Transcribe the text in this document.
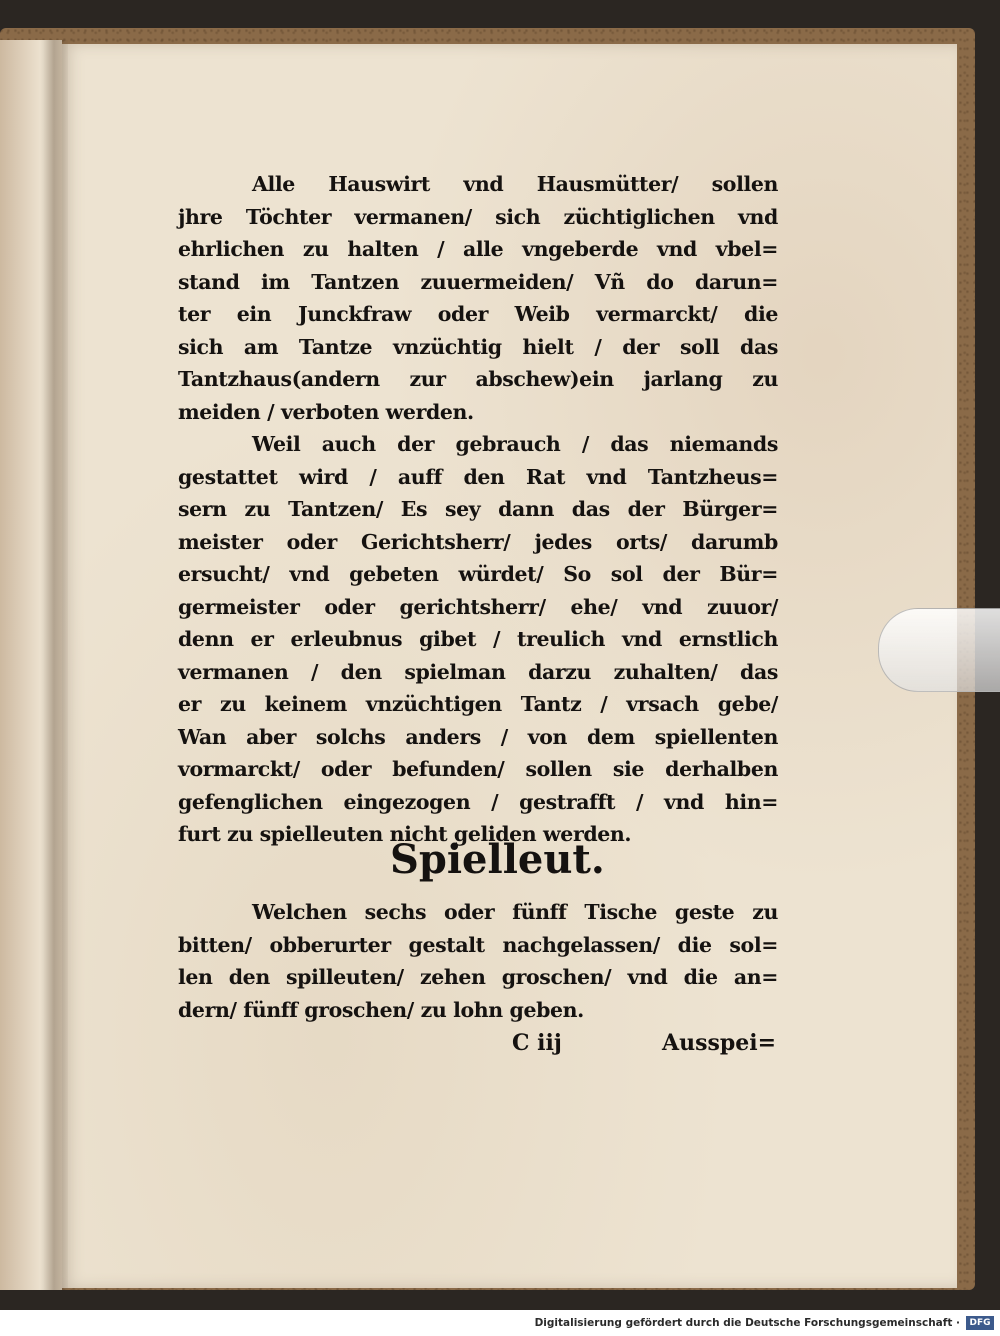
Alle Hauswirt vnd Hausmütter/ sollen
jhre Töchter vermanen/ sich züchtiglichen vnd
ehrlichen zu halten / alle vngeberde vnd vbel=
stand im Tantzen zuuermeiden/ Vñ do darun=
ter ein Junckfraw oder Weib vermarckt/ die
sich am Tantze vnzüchtig hielt / der soll das
Tantzhaus(andern zur abschew)ein jarlang zu
meiden / verboten werden.
Weil auch der gebrauch / das niemands
gestattet wird / auff den Rat vnd Tantzheus=
sern zu Tantzen/ Es sey dann das der Bürger=
meister oder Gerichtsherr/ jedes orts/ darumb
ersucht/ vnd gebeten würdet/ So sol der Bür=
germeister oder gerichtsherr/ ehe/ vnd zuuor/
denn er erleubnus gibet / treulich vnd ernstlich
vermanen / den spielman darzu zuhalten/ das
er zu keinem vnzüchtigen Tantz / vrsach gebe/
Wan aber solchs anders / von dem spiellenten
vormarckt/ oder befunden/ sollen sie derhalben
gefenglichen eingezogen / gestrafft / vnd hin=
furt zu spielleuten nicht geliden werden.
Spielleut.
Welchen sechs oder fünff Tische geste zu
bitten/ obberurter gestalt nachgelassen/ die sol=
len den spilleuten/ zehen groschen/ vnd die an=
dern/ fünff groschen/ zu lohn geben.
C iij	Ausspei=
Digitalisierung gefördert durch die Deutsche Forschungsgemeinschaft ·	DFG
